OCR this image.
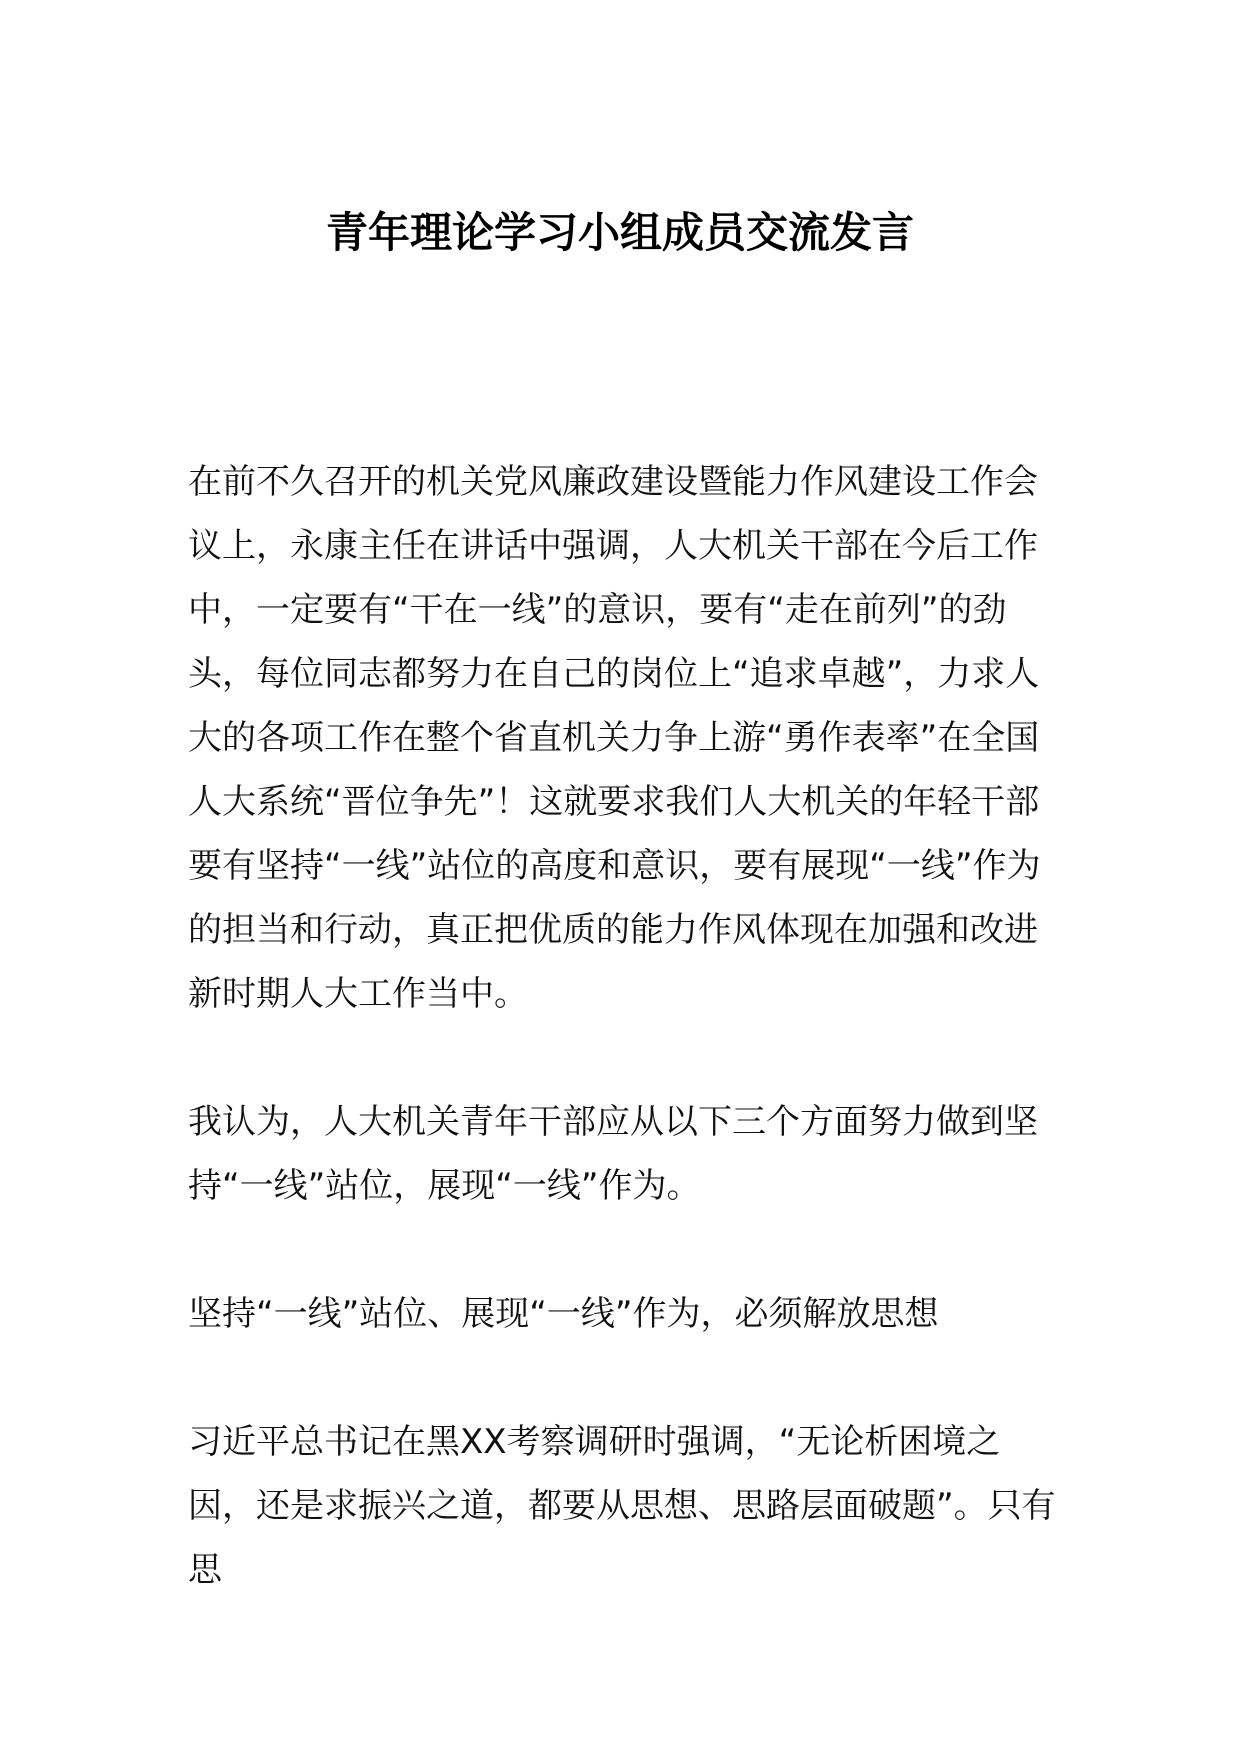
青年理论学习小组成员交流发言

在前不久召开的机关党风廉政建设暨能力作风建设工作会议上，永康主任在讲话中强调，人大机关干部在今后工作中，一定要有“干在一线”的意识，要有“走在前列”的劲头，每位同志都努力在自己的岗位上“追求卓越”，力求人大的各项工作在整个省直机关力争上游“勇作表率”在全国人大系统“晋位争先”！这就要求我们人大机关的年轻干部要有坚持“一线”站位的高度和意识，要有展现“一线”作为的担当和行动，真正把优质的能力作风体现在加强和改进新时期人大工作当中。

我认为，人大机关青年干部应从以下三个方面努力做到坚持“一线”站位，展现“一线”作为。

坚持“一线”站位、展现“一线”作为，必须解放思想

习近平总书记在黑XX考察调研时强调，“无论析困境之因，还是求振兴之道，都要从思想、思路层面破题”。只有思
